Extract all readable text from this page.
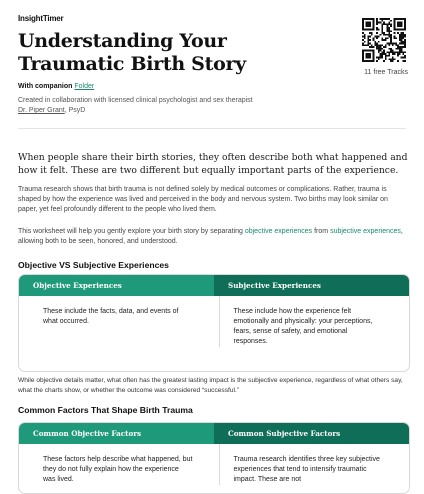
InsightTimer
Understanding Your Traumatic Birth Story
With companion Folder
Created in collaboration with licensed clinical psychologist and sex therapist Dr. Piper Grant, PsyD
11 free Tracks

When people share their birth stories, they often describe both what happened and how it felt. These are two different but equally important parts of the experience.

Trauma research shows that birth trauma is not defined solely by medical outcomes or complications. Rather, trauma is shaped by how the experience was lived and perceived in the body and nervous system. Two births may look similar on paper, yet feel profoundly different to the people who lived them.

This worksheet will help you gently explore your birth story by separating objective experiences from subjective experiences, allowing both to be seen, honored, and understood.

Objective VS Subjective Experiences
Objective Experiences	Subjective Experiences
These include the facts, data, and events of what occurred.
These include how the experience felt emotionally and physically: your perceptions, fears, sense of safety, and emotional responses.

While objective details matter, what often has the greatest lasting impact is the subjective experience, regardless of what others say, what the charts show, or whether the outcome was considered “successful.”

Common Factors That Shape Birth Trauma
Common Objective Factors	Common Subjective Factors
These factors help describe what happened, but they do not fully explain how the experience was lived.
Trauma research identifies three key subjective experiences that tend to intensify traumatic impact. These are not
